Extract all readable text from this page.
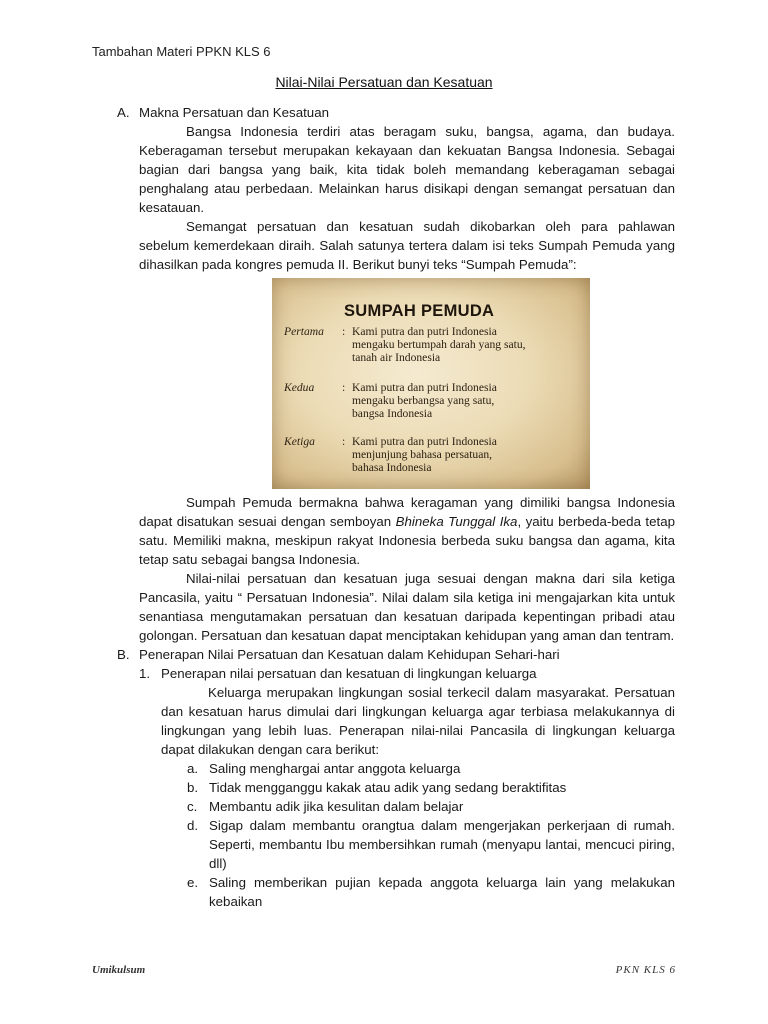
Tambahan Materi PPKN KLS 6
Nilai-Nilai Persatuan dan Kesatuan
A. Makna Persatuan dan Kesatuan
Bangsa Indonesia terdiri atas beragam suku, bangsa, agama, dan budaya. Keberagaman tersebut merupakan kekayaan dan kekuatan Bangsa Indonesia. Sebagai bagian dari bangsa yang baik, kita tidak boleh memandang keberagaman sebagai penghalang atau perbedaan. Melainkan harus disikapi dengan semangat persatuan dan kesatauan.
Semangat persatuan dan kesatuan sudah dikobarkan oleh para pahlawan sebelum kemerdekaan diraih. Salah satunya tertera dalam isi teks Sumpah Pemuda yang dihasilkan pada kongres pemuda II. Berikut bunyi teks “Sumpah Pemuda”:
SUMPAH PEMUDA
Pertama : Kami putra dan putri Indonesia
mengaku bertumpah darah yang satu,
tanah air Indonesia
Kedua : Kami putra dan putri Indonesia
mengaku berbangsa yang satu,
bangsa Indonesia
Ketiga : Kami putra dan putri Indonesia
menjunjung bahasa persatuan,
bahasa Indonesia
Sumpah Pemuda bermakna bahwa keragaman yang dimiliki bangsa Indonesia dapat disatukan sesuai dengan semboyan Bhineka Tunggal Ika, yaitu berbeda-beda tetap satu. Memiliki makna, meskipun rakyat Indonesia berbeda suku bangsa dan agama, kita tetap satu sebagai bangsa Indonesia.
Nilai-nilai persatuan dan kesatuan juga sesuai dengan makna dari sila ketiga Pancasila, yaitu “ Persatuan Indonesia”. Nilai dalam sila ketiga ini mengajarkan kita untuk senantiasa mengutamakan persatuan dan kesatuan daripada kepentingan pribadi atau golongan. Persatuan dan kesatuan dapat menciptakan kehidupan yang aman dan tentram.
B. Penerapan Nilai Persatuan dan Kesatuan dalam Kehidupan Sehari-hari
1. Penerapan nilai persatuan dan kesatuan di lingkungan keluarga
Keluarga merupakan lingkungan sosial terkecil dalam masyarakat. Persatuan dan kesatuan harus dimulai dari lingkungan keluarga agar terbiasa melakukannya di lingkungan yang lebih luas. Penerapan nilai-nilai Pancasila di lingkungan keluarga dapat dilakukan dengan cara berikut:
a. Saling menghargai antar anggota keluarga
b. Tidak mengganggu kakak atau adik yang sedang beraktifitas
c. Membantu adik jika kesulitan dalam belajar
d. Sigap dalam membantu orangtua dalam mengerjakan perkerjaan di rumah. Seperti, membantu Ibu membersihkan rumah (menyapu lantai, mencuci piring, dll)
e. Saling memberikan pujian kepada anggota keluarga lain yang melakukan kebaikan
Umikulsum	PKN KLS 6
